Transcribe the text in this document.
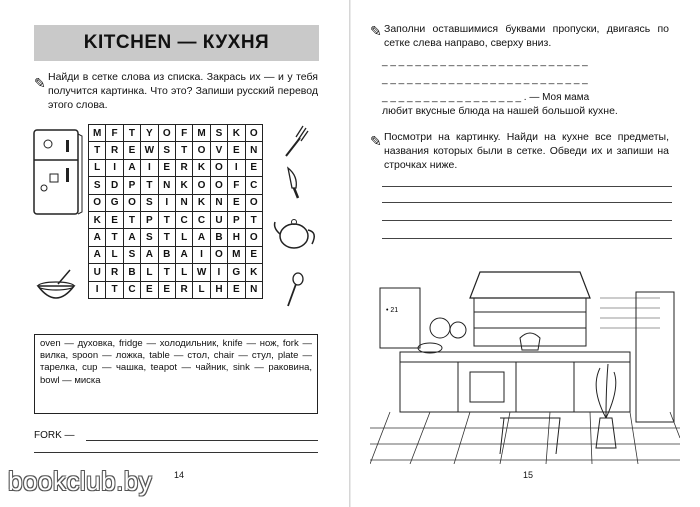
KITCHEN — КУХНЯ
✎ Найди в сетке слова из списка. Закрась их — и у тебя получится картинка. Что это? Запиши русский перевод этого слова.
M	F	T	Y	O	F	M	S	K	O
T	R	E	W	S	T	O	V	E	N
L	I	A	I	E	R	K	O	I	E
S	D	P	T	N	K	O	O	F	C
O	G	O	S	I	N	K	N	E	O
K	E	T	P	T	C	C	U	P	T
A	T	A	S	T	L	A	B	H	O
A	L	S	A	B	A	I	O	M	E
U	R	B	L	T	L	W	I	G	K
I	T	C	E	E	R	L	H	E	N
oven — духовка, fridge — холодильник, knife — нож, fork — вилка, spoon — ложка, table — стол, chair — стул, plate — тарелка, cup — чашка, teapot — чайник, sink — раковина, bowl — миска
FORK —
14
✎ Заполни оставшимися буквами пропуски, двигаясь по сетке слева направо, сверху вниз.
_ _ _ _ _ _ _ _ _ _ _ _ _ _ _ _ _ _ _ _ _ _ _ _ _
_ _ _ _ _ _ _ _ _ _ _ _ _ _ _ _ _ _ _ _ _ _ _ _ _
_ _ _ _ _ _ _ _ _ _ _ _ _ _ _ _ _ . — Моя мама
любит вкусные блюда на нашей большой кухне.
✎ Посмотри на картинку. Найди на кухне все предметы, названия которых были в сетке. Обведи их и запиши на строчках ниже.
• 21
15
bookclub.by
